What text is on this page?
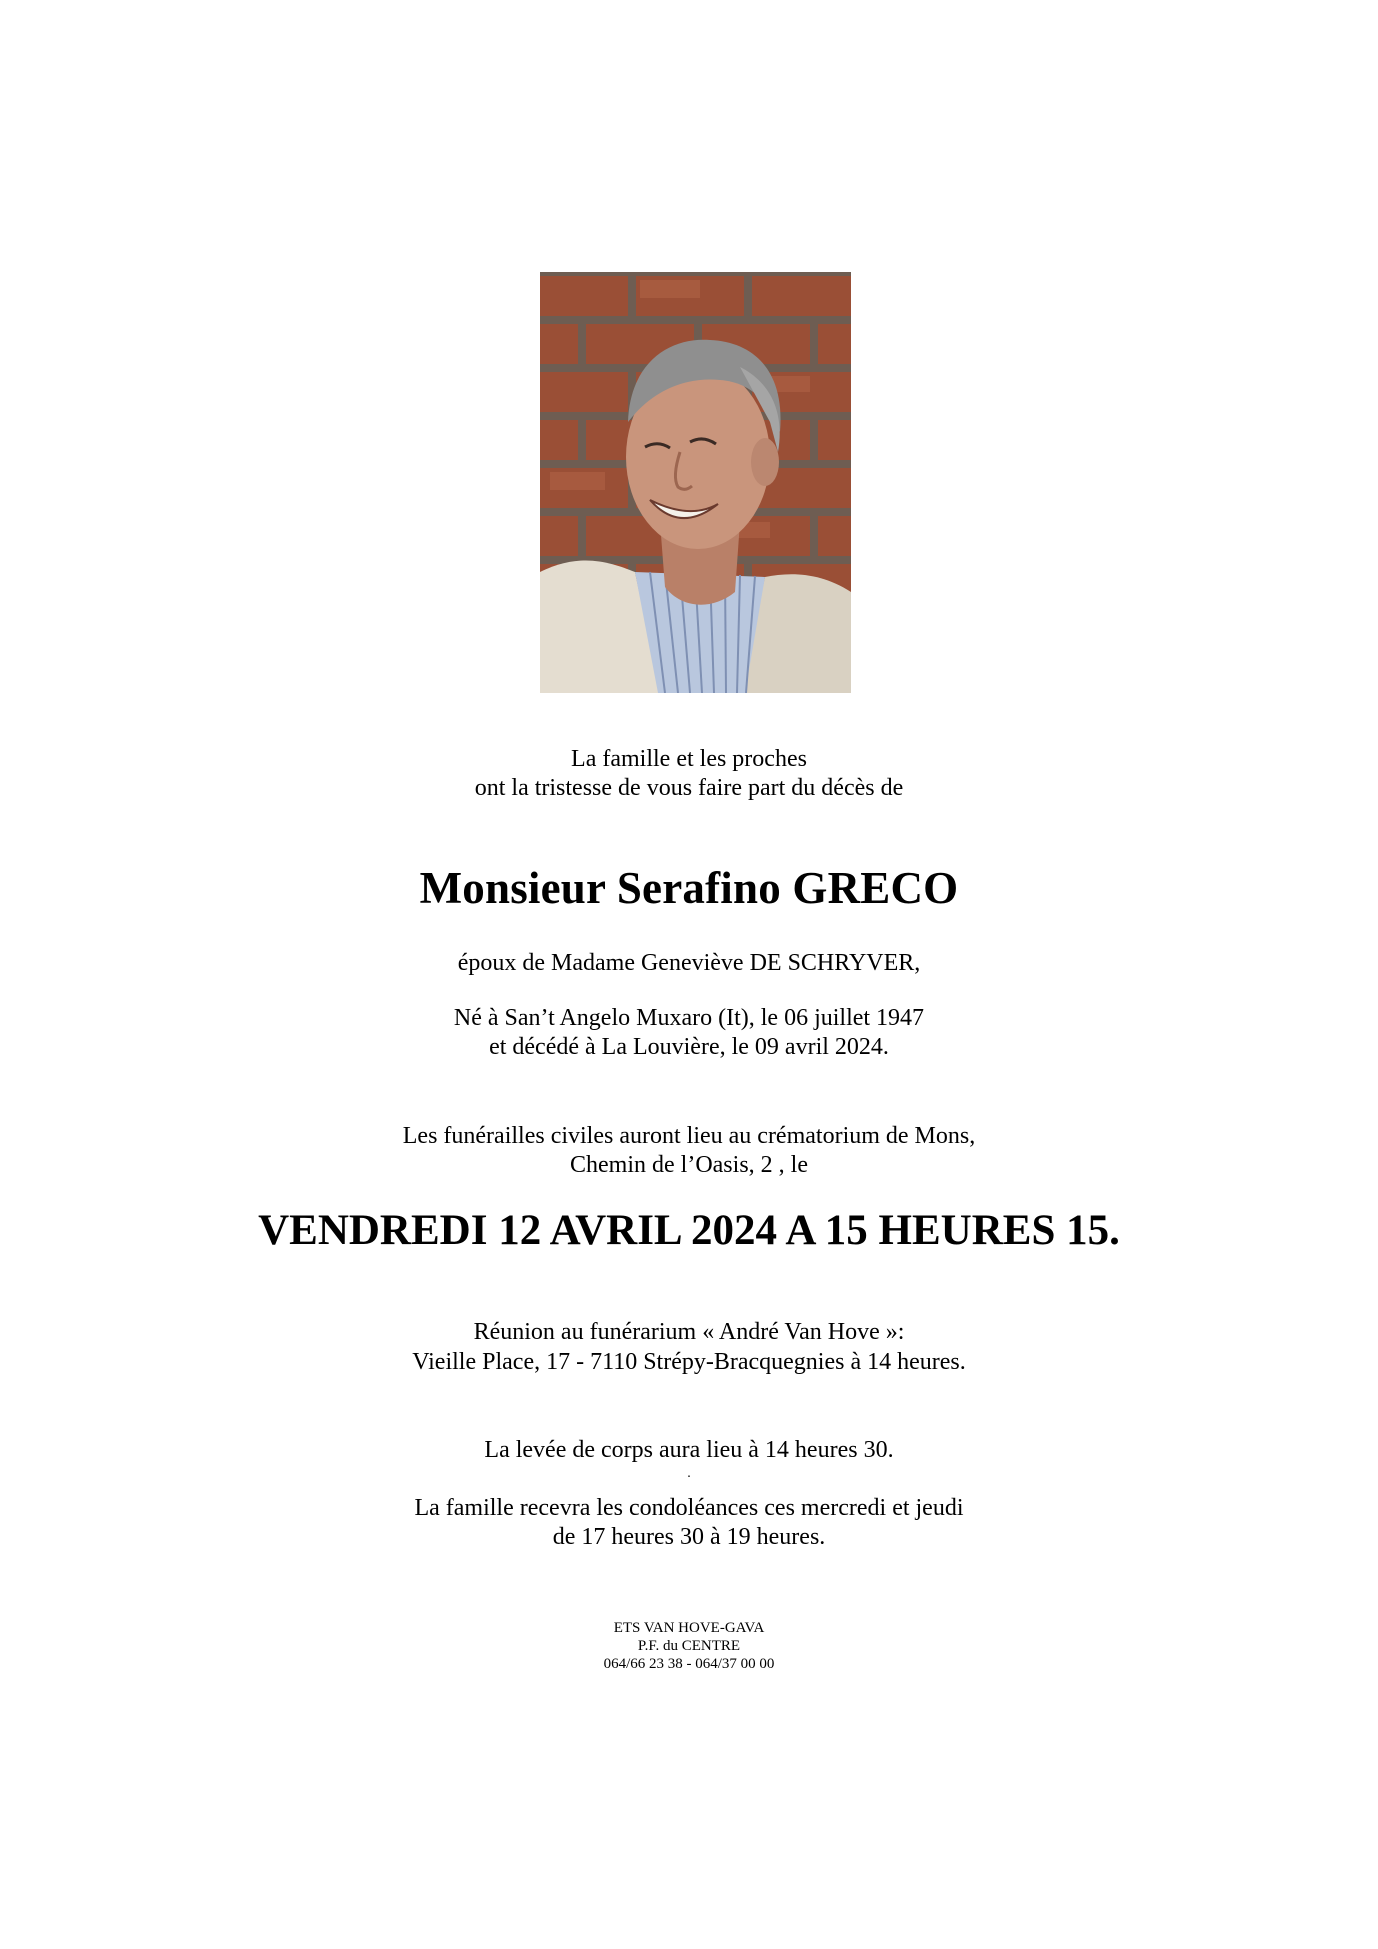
La famille et les proches
ont la tristesse de vous faire part du décès de
Monsieur Serafino GRECO
époux de Madame Geneviève DE SCHRYVER,
Né à San’t Angelo Muxaro (It), le 06 juillet 1947
et décédé à La Louvière, le 09 avril 2024.
Les funérailles civiles auront lieu au crématorium de Mons,
Chemin de l’Oasis, 2 , le
VENDREDI 12 AVRIL 2024 A 15 HEURES 15.
Réunion au funérarium « André Van Hove »:
Vieille Place, 17 - 7110 Strépy-Bracquegnies à 14 heures.
La levée de corps aura lieu à 14 heures 30.
.
La famille recevra les condoléances ces mercredi et jeudi
de 17 heures 30 à 19 heures.
ETS VAN HOVE-GAVA
P.F. du CENTRE
064/66 23 38 - 064/37 00 00
